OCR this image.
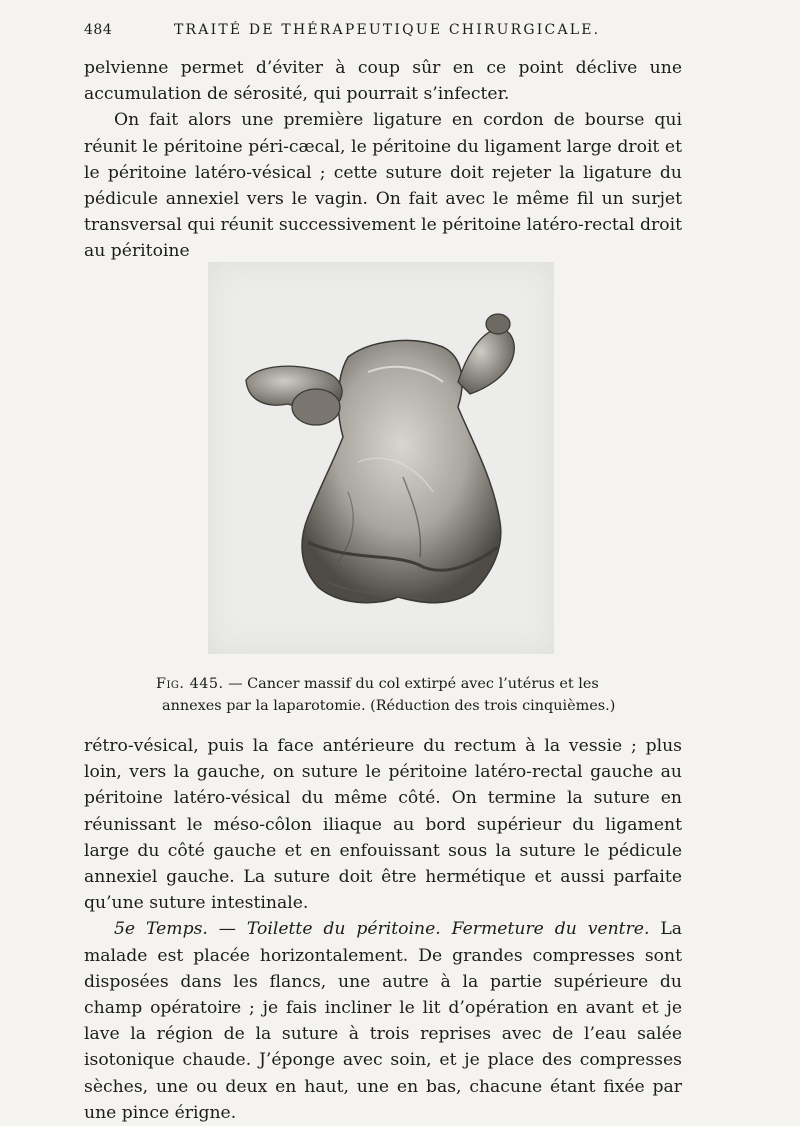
484	TRAITÉ DE THÉRAPEUTIQUE CHIRURGICALE.

pelvienne permet d’éviter à coup sûr en ce point déclive une accumulation de sérosité, qui pourrait s’infecter.

On fait alors une première ligature en cordon de bourse qui réunit le péritoine péri-cæcal, le péritoine du ligament large droit et le péritoine latéro-vésical ; cette suture doit rejeter la ligature du pédicule annexiel vers le vagin. On fait avec le même fil un surjet transversal qui réunit successivement le péritoine latéro-rectal droit au péritoine

Fig. 445. — Cancer massif du col extirpé avec l’utérus et les
annexes par la laparotomie. (Réduction des trois cinquièmes.)

rétro-vésical, puis la face antérieure du rectum à la vessie ; plus loin, vers la gauche, on suture le péritoine latéro-rectal gauche au péritoine latéro-vésical du même côté. On termine la suture en réunissant le méso-côlon iliaque au bord supérieur du ligament large du côté gauche et en enfouissant sous la suture le pédicule annexiel gauche. La suture doit être hermétique et aussi parfaite qu’une suture intestinale.

5e Temps. — Toilette du péritoine. Fermeture du ventre. La malade est placée horizontalement. De grandes compresses sont disposées dans les flancs, une autre à la partie supérieure du champ opératoire ; je fais incliner le lit d’opération en avant et je lave la région de la suture à trois reprises avec de l’eau salée isotonique chaude. J’éponge avec soin, et je place des compresses sèches, une ou deux en haut, une en bas, chacune étant fixée par une pince érigne.
